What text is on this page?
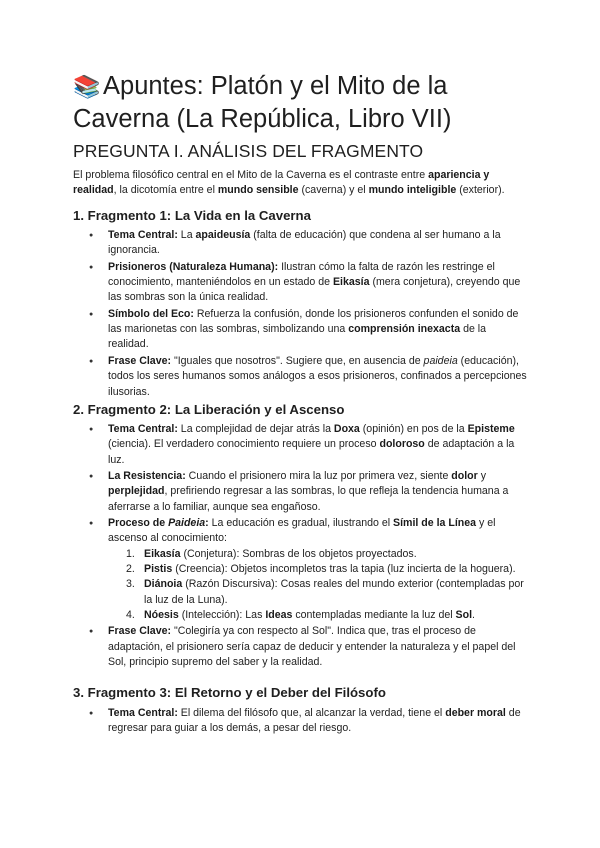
📚 Apuntes: Platón y el Mito de la Caverna (La República, Libro VII)
PREGUNTA I. ANÁLISIS DEL FRAGMENTO

El problema filosófico central en el Mito de la Caverna es el contraste entre apariencia y realidad, la dicotomía entre el mundo sensible (caverna) y el mundo inteligible (exterior).

1. Fragmento 1: La Vida en la Caverna
● Tema Central: La apaideusía (falta de educación) que condena al ser humano a la ignorancia.
● Prisioneros (Naturaleza Humana): Ilustran cómo la falta de razón les restringe el conocimiento, manteniéndolos en un estado de Eikasía (mera conjetura), creyendo que las sombras son la única realidad.
● Símbolo del Eco: Refuerza la confusión, donde los prisioneros confunden el sonido de las marionetas con las sombras, simbolizando una comprensión inexacta de la realidad.
● Frase Clave: "Iguales que nosotros". Sugiere que, en ausencia de paideia (educación), todos los seres humanos somos análogos a esos prisioneros, confinados a percepciones ilusorias.
2. Fragmento 2: La Liberación y el Ascenso
● Tema Central: La complejidad de dejar atrás la Doxa (opinión) en pos de la Episteme (ciencia). El verdadero conocimiento requiere un proceso doloroso de adaptación a la luz.
● La Resistencia: Cuando el prisionero mira la luz por primera vez, siente dolor y perplejidad, prefiriendo regresar a las sombras, lo que refleja la tendencia humana a aferrarse a lo familiar, aunque sea engañoso.
● Proceso de Paideia: La educación es gradual, ilustrando el Símil de la Línea y el ascenso al conocimiento:
1. Eikasía (Conjetura): Sombras de los objetos proyectados.
2. Pistis (Creencia): Objetos incompletos tras la tapia (luz incierta de la hoguera).
3. Diánoia (Razón Discursiva): Cosas reales del mundo exterior (contempladas por la luz de la Luna).
4. Nóesis (Intelección): Las Ideas contempladas mediante la luz del Sol.
● Frase Clave: "Colegiría ya con respecto al Sol". Indica que, tras el proceso de adaptación, el prisionero sería capaz de deducir y entender la naturaleza y el papel del Sol, principio supremo del saber y la realidad.
3. Fragmento 3: El Retorno y el Deber del Filósofo
● Tema Central: El dilema del filósofo que, al alcanzar la verdad, tiene el deber moral de regresar para guiar a los demás, a pesar del riesgo.
